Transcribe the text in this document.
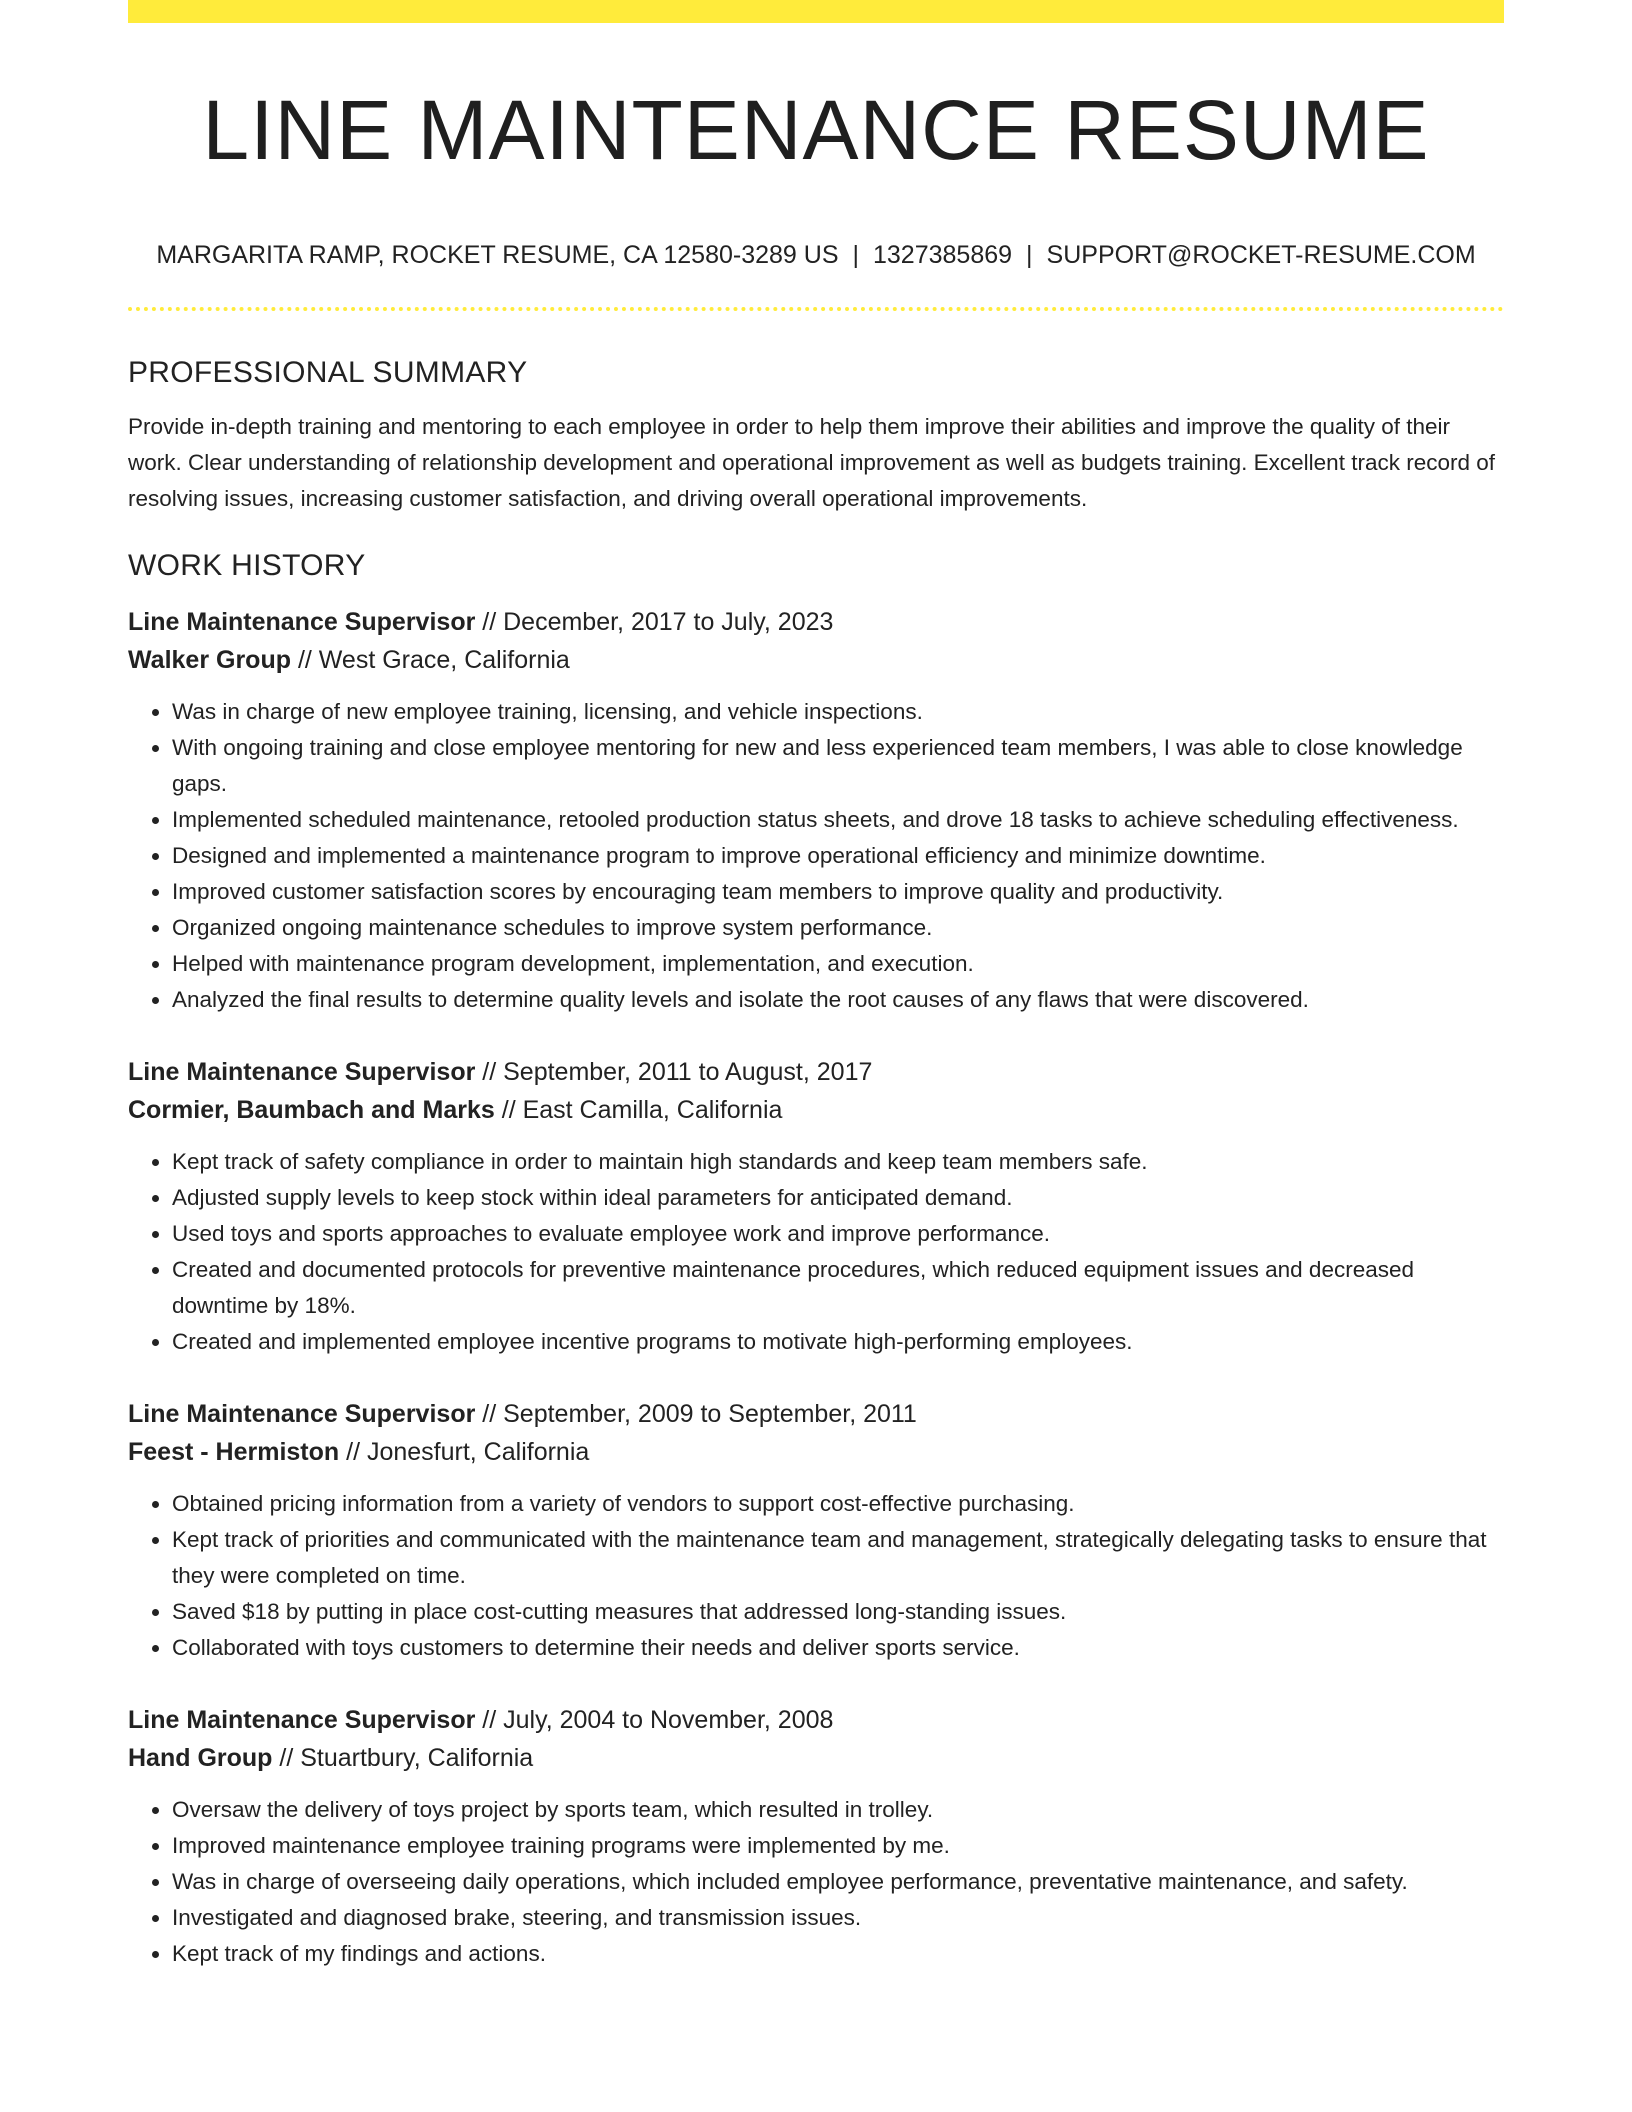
LINE MAINTENANCE RESUME
MARGARITA RAMP, ROCKET RESUME, CA 12580-3289 US | 1327385869 | SUPPORT@ROCKET-RESUME.COM
PROFESSIONAL SUMMARY

Provide in-depth training and mentoring to each employee in order to help them improve their abilities and improve the quality of their work. Clear understanding of relationship development and operational improvement as well as budgets training. Excellent track record of resolving issues, increasing customer satisfaction, and driving overall operational improvements.

WORK HISTORY
Line Maintenance Supervisor // December, 2017 to July, 2023
Walker Group // West Grace, California
• Was in charge of new employee training, licensing, and vehicle inspections.
• With ongoing training and close employee mentoring for new and less experienced team members, I was able to close knowledge gaps.
• Implemented scheduled maintenance, retooled production status sheets, and drove 18 tasks to achieve scheduling effectiveness.
• Designed and implemented a maintenance program to improve operational efficiency and minimize downtime.
• Improved customer satisfaction scores by encouraging team members to improve quality and productivity.
• Organized ongoing maintenance schedules to improve system performance.
• Helped with maintenance program development, implementation, and execution.
• Analyzed the final results to determine quality levels and isolate the root causes of any flaws that were discovered.
Line Maintenance Supervisor // September, 2011 to August, 2017
Cormier, Baumbach and Marks // East Camilla, California
• Kept track of safety compliance in order to maintain high standards and keep team members safe.
• Adjusted supply levels to keep stock within ideal parameters for anticipated demand.
• Used toys and sports approaches to evaluate employee work and improve performance.
• Created and documented protocols for preventive maintenance procedures, which reduced equipment issues and decreased downtime by 18%.
• Created and implemented employee incentive programs to motivate high-performing employees.
Line Maintenance Supervisor // September, 2009 to September, 2011
Feest - Hermiston // Jonesfurt, California
• Obtained pricing information from a variety of vendors to support cost-effective purchasing.
• Kept track of priorities and communicated with the maintenance team and management, strategically delegating tasks to ensure that they were completed on time.
• Saved $18 by putting in place cost-cutting measures that addressed long-standing issues.
• Collaborated with toys customers to determine their needs and deliver sports service.
Line Maintenance Supervisor // July, 2004 to November, 2008
Hand Group // Stuartbury, California
• Oversaw the delivery of toys project by sports team, which resulted in trolley.
• Improved maintenance employee training programs were implemented by me.
• Was in charge of overseeing daily operations, which included employee performance, preventative maintenance, and safety.
• Investigated and diagnosed brake, steering, and transmission issues.
• Kept track of my findings and actions.
